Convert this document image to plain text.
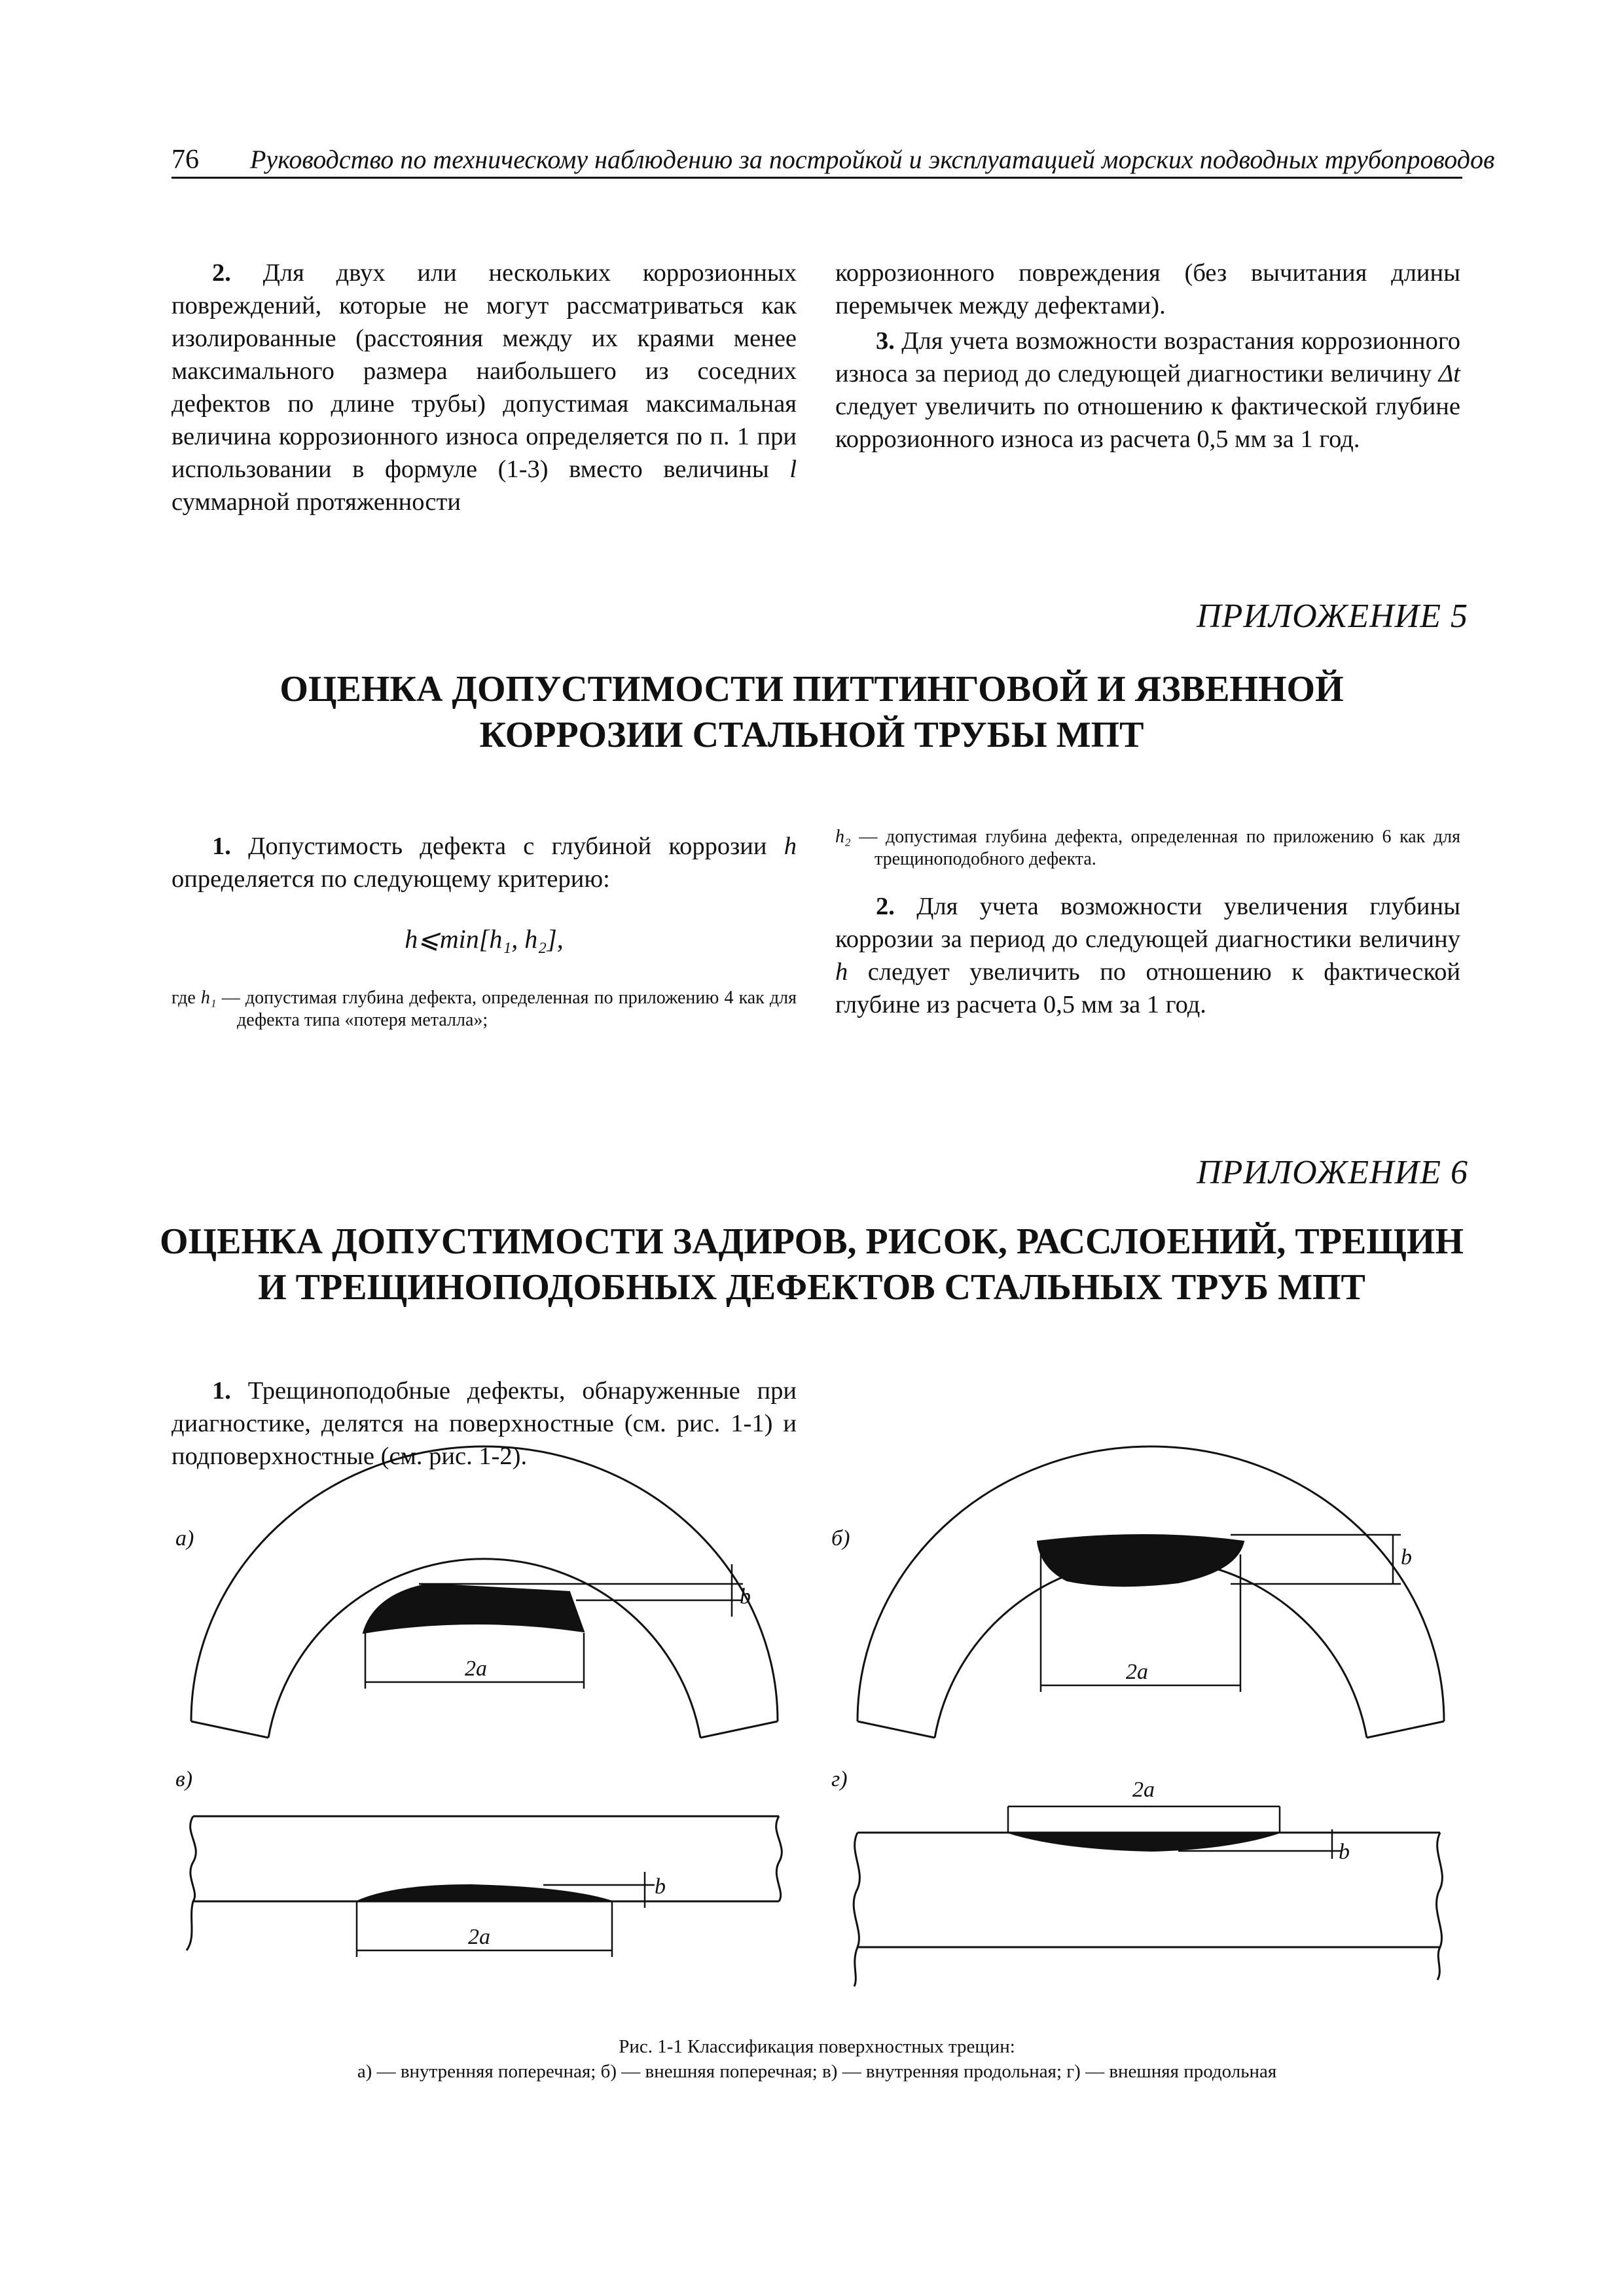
76 Руководство по техническому наблюдению за постройкой и эксплуатацией морских подводных трубопроводов

2. Для двух или нескольких коррозионных повреждений, которые не могут рассматриваться как изолированные (расстояния между их краями менее максимального размера наибольшего из соседних дефектов по длине трубы) допустимая максимальная величина коррозионного износа определяется по п. 1 при использовании в формуле (1-3) вместо величины l суммарной протяженности

коррозионного повреждения (без вычитания длины перемычек между дефектами).

3. Для учета возможности возрастания коррозионного износа за период до следующей диагностики величину Δt следует увеличить по отношению к фактической глубине коррозионного износа из расчета 0,5 мм за 1 год.

ПРИЛОЖЕНИЕ 5
ОЦЕНКА ДОПУСТИМОСТИ ПИТТИНГОВОЙ И ЯЗВЕННОЙ
КОРРОЗИИ СТАЛЬНОЙ ТРУБЫ МПТ

1. Допустимость дефекта с глубиной коррозии h определяется по следующему критерию:

h⩽min[h₁, h₂],
где h₁ — допустимая глубина дефекта, определенная по приложению 4 как для дефекта типа «потеря металла»;
h₂ — допустимая глубина дефекта, определенная по приложению 6 как для трещиноподобного дефекта.

2. Для учета возможности увеличения глубины коррозии за период до следующей диагностики величину h следует увеличить по отношению к фактической глубине из расчета 0,5 мм за 1 год.

ПРИЛОЖЕНИЕ 6
ОЦЕНКА ДОПУСТИМОСТИ ЗАДИРОВ, РИСОК, РАССЛОЕНИЙ, ТРЕЩИН
И ТРЕЩИНОПОДОБНЫХ ДЕФЕКТОВ СТАЛЬНЫХ ТРУБ МПТ

1. Трещиноподобные дефекты, обнаруженные при диагностике, делятся на поверхностные (см. рис. 1-1) и подповерхностные (см. рис. 1-2).

а)	б)
в)	г)
b
2a
b
2a
b
2a
2a
b
Рис. 1-1 Классификация поверхностных трещин:
а) — внутренняя поперечная; б) — внешняя поперечная; в) — внутренняя продольная; г) — внешняя продольная
